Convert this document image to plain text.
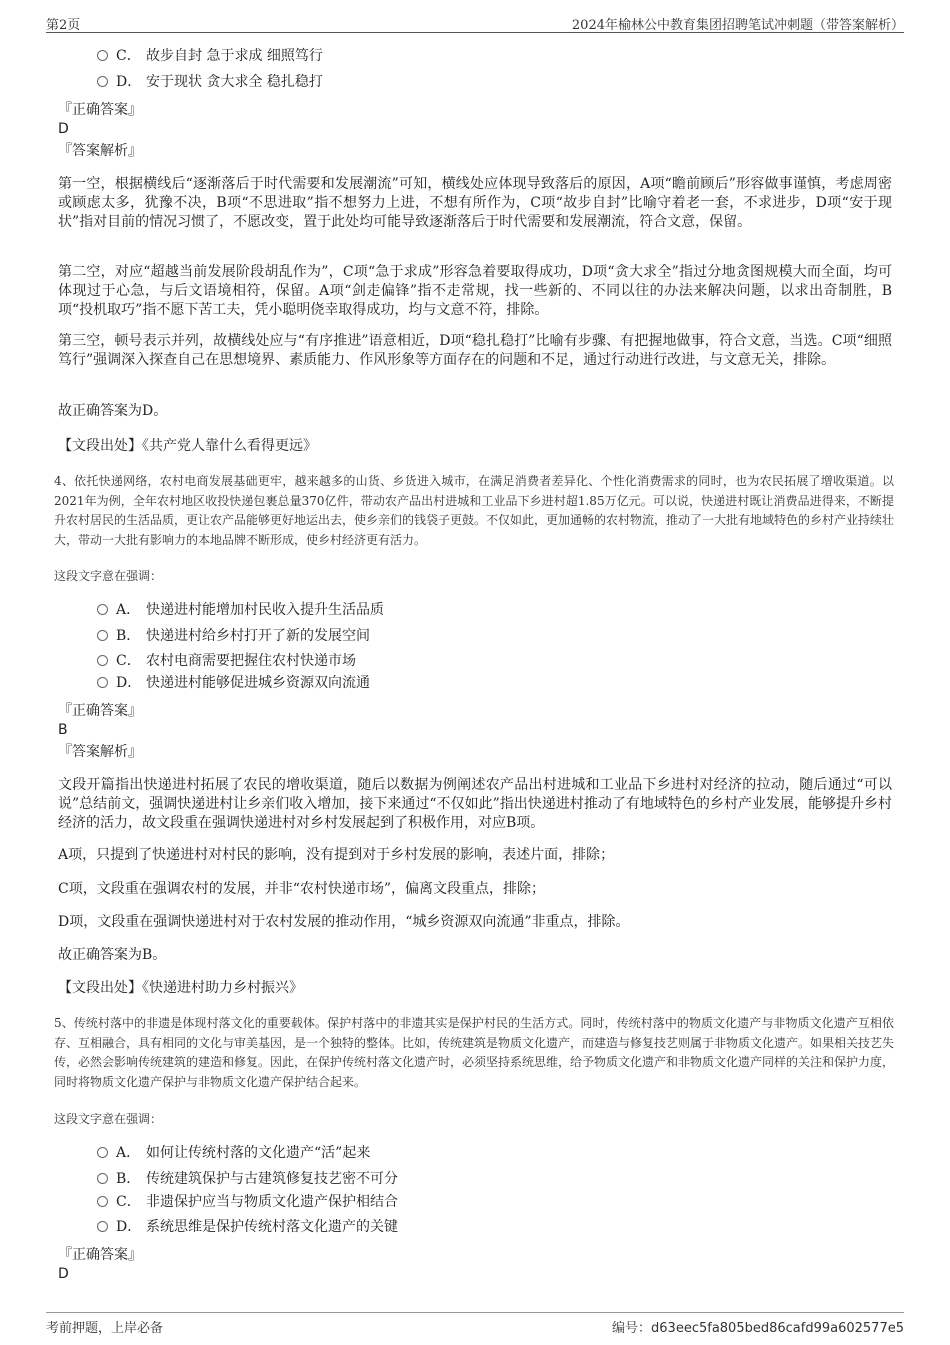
第2页	2024年榆林公中教育集团招聘笔试冲刺题（带答案解析）
C． 故步自封 急于求成 细照笃行
D． 安于现状 贪大求全 稳扎稳打
『正确答案』
D
『答案解析』
第一空，根据横线后“逐渐落后于时代需要和发展潮流”可知，横线处应体现导致落后的原因，A项“瞻前顾后”形容做事谨慎，考虑周密或顾虑太多，犹豫不决，B项“不思进取”指不想努力上进，不想有所作为，C项“故步自封”比喻守着老一套，不求进步，D项“安于现状”指对目前的情况习惯了，不愿改变，置于此处均可能导致逐渐落后于时代需要和发展潮流，符合文意，保留。
第二空，对应“超越当前发展阶段胡乱作为”，C项“急于求成”形容急着要取得成功，D项“贪大求全”指过分地贪图规模大而全面，均可体现过于心急，与后文语境相符，保留。A项“剑走偏锋”指不走常规，找一些新的、不同以往的办法来解决问题，以求出奇制胜，B项“投机取巧”指不愿下苦工夫，凭小聪明侥幸取得成功，均与文意不符，排除。
第三空，顿号表示并列，故横线处应与“有序推进”语意相近，D项“稳扎稳打”比喻有步骤、有把握地做事，符合文意，当选。C项“细照笃行”强调深入探查自己在思想境界、素质能力、作风形象等方面存在的问题和不足，通过行动进行改进，与文意无关，排除。
故正确答案为D。
【文段出处】《共产党人靠什么看得更远》
4、依托快递网络，农村电商发展基础更牢，越来越多的山货、乡货进入城市，在满足消费者差异化、个性化消费需求的同时，也为农民拓展了增收渠道。以2021年为例，全年农村地区收投快递包裹总量370亿件，带动农产品出村进城和工业品下乡进村超1.85万亿元。可以说，快递进村既让消费品进得来，不断提升农村居民的生活品质，更让农产品能够更好地运出去，使乡亲们的钱袋子更鼓。不仅如此，更加通畅的农村物流，推动了一大批有地域特色的乡村产业持续壮大，带动一大批有影响力的本地品牌不断形成，使乡村经济更有活力。
这段文字意在强调：
A． 快递进村能增加村民收入提升生活品质
B． 快递进村给乡村打开了新的发展空间
C． 农村电商需要把握住农村快递市场
D． 快递进村能够促进城乡资源双向流通
『正确答案』
B
『答案解析』
文段开篇指出快递进村拓展了农民的增收渠道，随后以数据为例阐述农产品出村进城和工业品下乡进村对经济的拉动，随后通过“可以说”总结前文，强调快递进村让乡亲们收入增加，接下来通过“不仅如此”指出快递进村推动了有地域特色的乡村产业发展，能够提升乡村经济的活力，故文段重在强调快递进村对乡村发展起到了积极作用，对应B项。
A项，只提到了快递进村对村民的影响，没有提到对于乡村发展的影响，表述片面，排除；
C项，文段重在强调农村的发展，并非“农村快递市场”，偏离文段重点，排除；
D项，文段重在强调快递进村对于农村发展的推动作用，“城乡资源双向流通”非重点，排除。
故正确答案为B。
【文段出处】《快递进村助力乡村振兴》
5、传统村落中的非遗是体现村落文化的重要载体。保护村落中的非遗其实是保护村民的生活方式。同时，传统村落中的物质文化遗产与非物质文化遗产互相依存、互相融合，具有相同的文化与审美基因，是一个独特的整体。比如，传统建筑是物质文化遗产，而建造与修复技艺则属于非物质文化遗产。如果相关技艺失传，必然会影响传统建筑的建造和修复。因此，在保护传统村落文化遗产时，必须坚持系统思维，给予物质文化遗产和非物质文化遗产同样的关注和保护力度，同时将物质文化遗产保护与非物质文化遗产保护结合起来。
这段文字意在强调：
A． 如何让传统村落的文化遗产“活”起来
B． 传统建筑保护与古建筑修复技艺密不可分
C． 非遗保护应当与物质文化遗产保护相结合
D． 系统思维是保护传统村落文化遗产的关键
『正确答案』
D
考前押题，上岸必备	编号：d63eec5fa805bed86cafd99a602577e5
